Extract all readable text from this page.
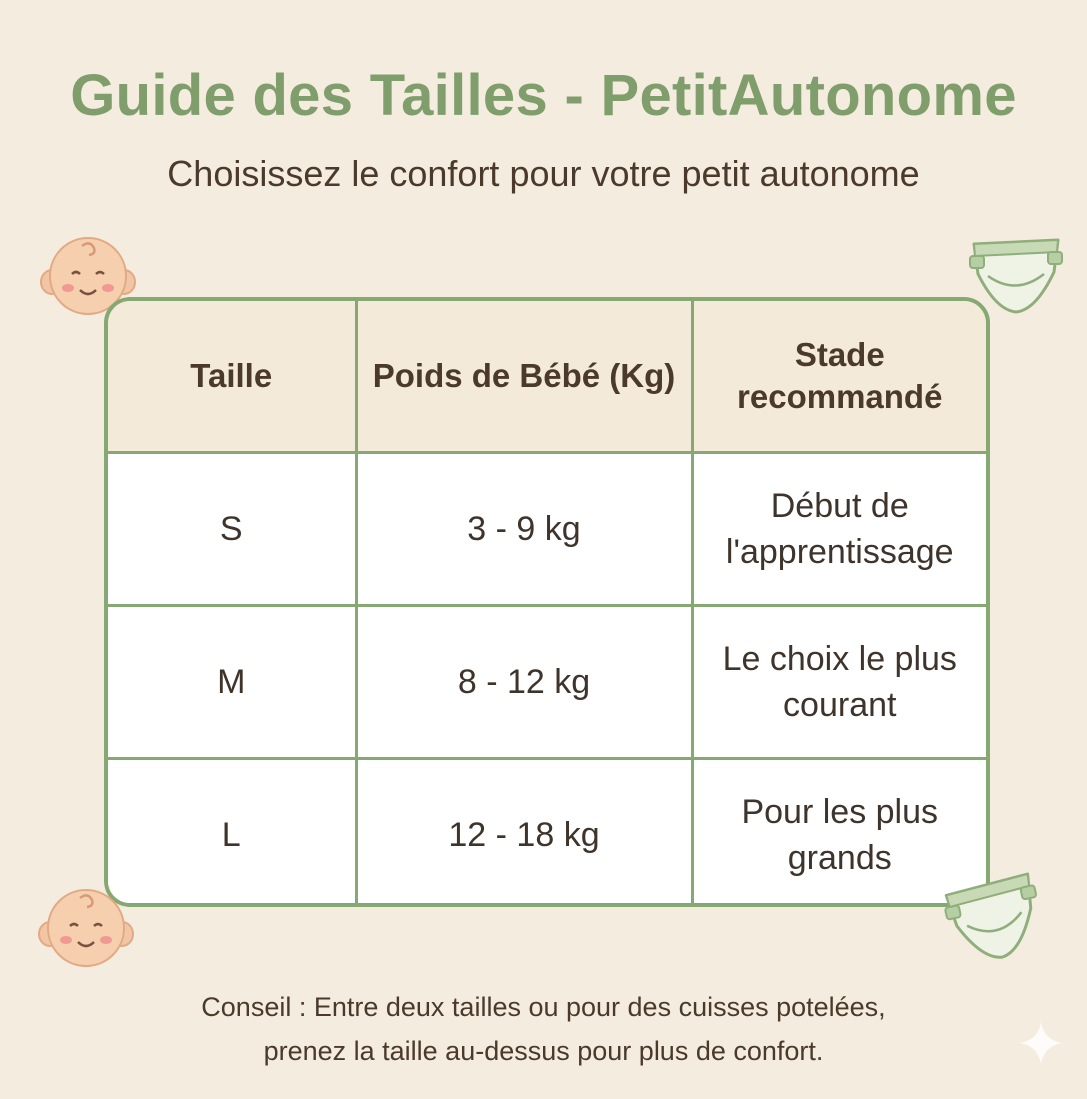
Guide des Tailles - PetitAutonome

Choisissez le confort pour votre petit autonome

Taille	Poids de Bébé (Kg)	Stade recommandé
S	3 - 9 kg	Début de l'apprentissage
M	8 - 12 kg	Le choix le plus courant
L	12 - 18 kg	Pour les plus grands
Conseil : Entre deux tailles ou pour des cuisses potelées,
prenez la taille au-dessus pour plus de confort.
